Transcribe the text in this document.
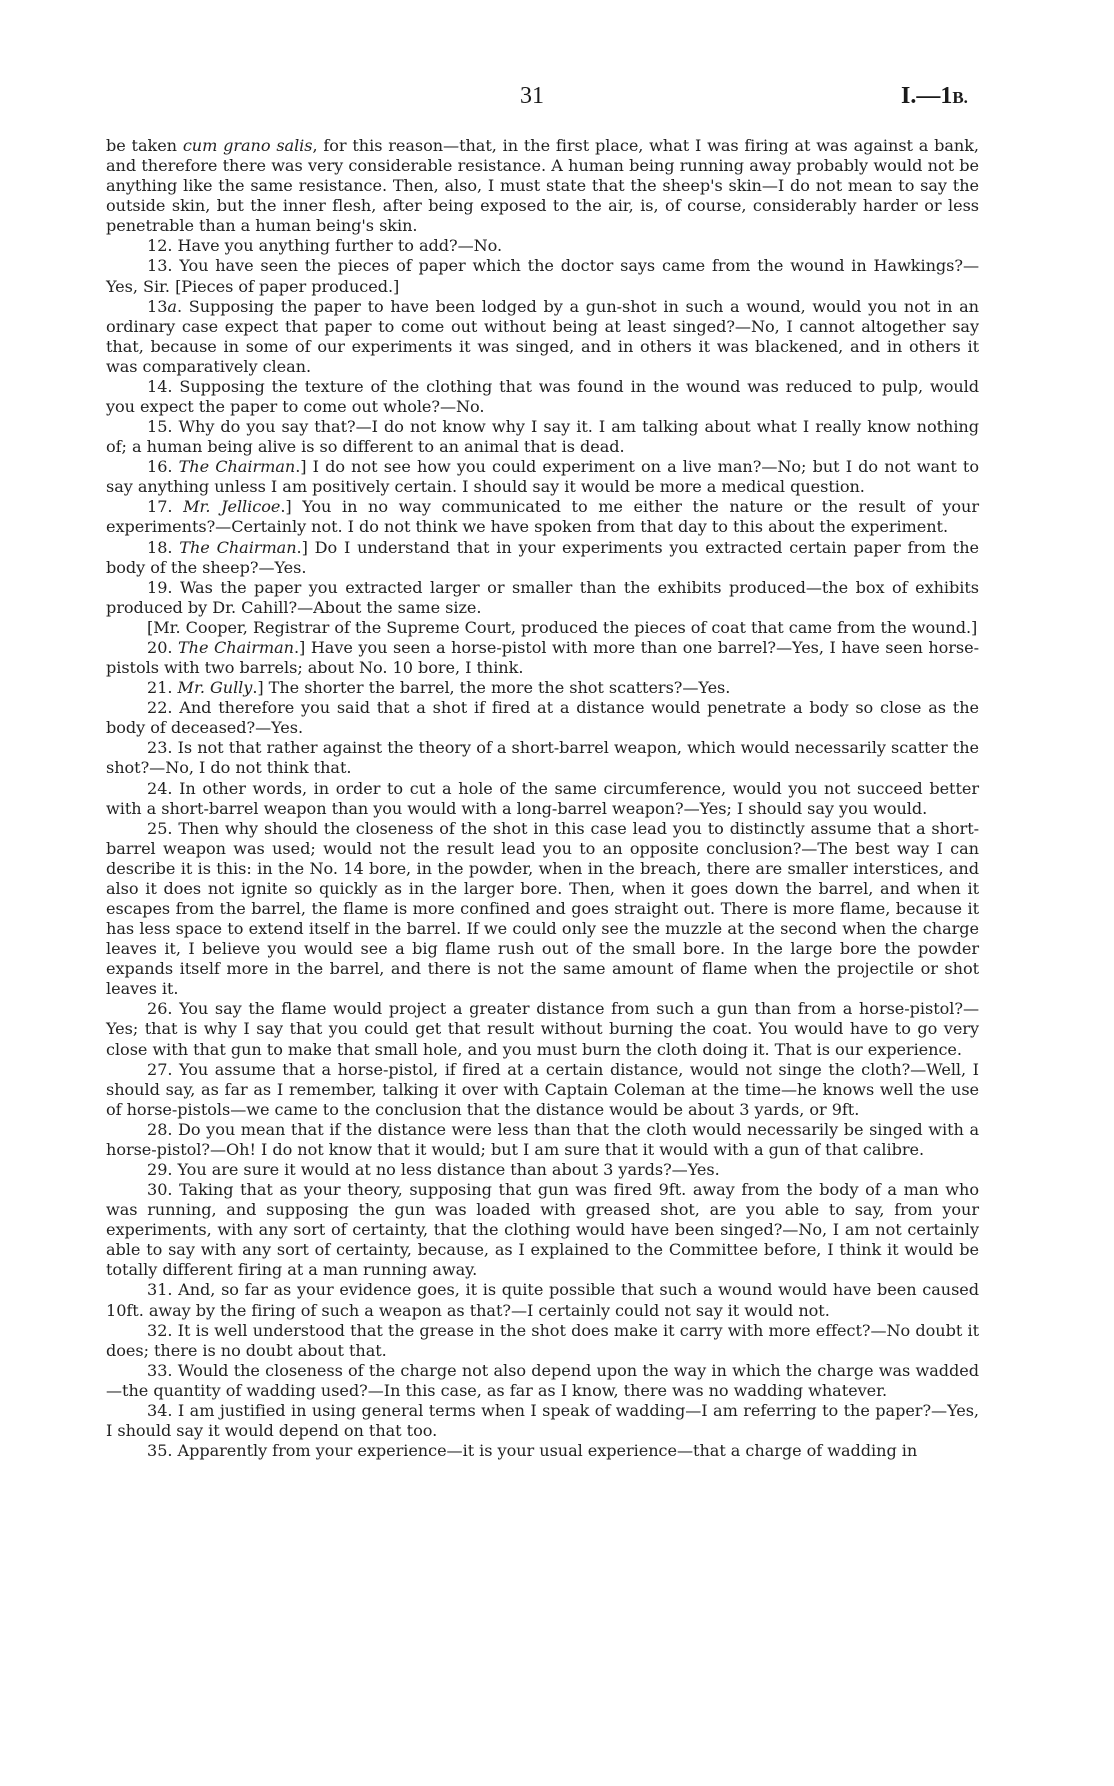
31	I.—1B.

be taken cum grano salis, for this reason—that, in the first place, what I was firing at was against a bank, and therefore there was very considerable resistance. A human being running away probably would not be anything like the same resistance. Then, also, I must state that the sheep's skin—I do not mean to say the outside skin, but the inner flesh, after being exposed to the air, is, of course, considerably harder or less penetrable than a human being's skin.

12. Have you anything further to add?—No.

13. You have seen the pieces of paper which the doctor says came from the wound in Hawkings?—Yes, Sir. [Pieces of paper produced.]

13a. Supposing the paper to have been lodged by a gun-shot in such a wound, would you not in an ordinary case expect that paper to come out without being at least singed?—No, I cannot altogether say that, because in some of our experiments it was singed, and in others it was blackened, and in others it was comparatively clean.

14. Supposing the texture of the clothing that was found in the wound was reduced to pulp, would you expect the paper to come out whole?—No.

15. Why do you say that?—I do not know why I say it. I am talking about what I really know nothing of; a human being alive is so different to an animal that is dead.

16. The Chairman.] I do not see how you could experiment on a live man?—No; but I do not want to say anything unless I am positively certain. I should say it would be more a medical question.

17. Mr. Jellicoe.] You in no way communicated to me either the nature or the result of your experiments?—Certainly not. I do not think we have spoken from that day to this about the experiment.

18. The Chairman.] Do I understand that in your experiments you extracted certain paper from the body of the sheep?—Yes.

19. Was the paper you extracted larger or smaller than the exhibits produced—the box of exhibits produced by Dr. Cahill?—About the same size.

[Mr. Cooper, Registrar of the Supreme Court, produced the pieces of coat that came from the wound.]

20. The Chairman.] Have you seen a horse-pistol with more than one barrel?—Yes, I have seen horse-pistols with two barrels; about No. 10 bore, I think.

21. Mr. Gully.] The shorter the barrel, the more the shot scatters?—Yes.

22. And therefore you said that a shot if fired at a distance would penetrate a body so close as the body of deceased?—Yes.

23. Is not that rather against the theory of a short-barrel weapon, which would necessarily scatter the shot?—No, I do not think that.

24. In other words, in order to cut a hole of the same circumference, would you not succeed better with a short-barrel weapon than you would with a long-barrel weapon?—Yes; I should say you would.

25. Then why should the closeness of the shot in this case lead you to distinctly assume that a short-barrel weapon was used; would not the result lead you to an opposite conclusion?—The best way I can describe it is this: in the No. 14 bore, in the powder, when in the breach, there are smaller interstices, and also it does not ignite so quickly as in the larger bore. Then, when it goes down the barrel, and when it escapes from the barrel, the flame is more confined and goes straight out. There is more flame, because it has less space to extend itself in the barrel. If we could only see the muzzle at the second when the charge leaves it, I believe you would see a big flame rush out of the small bore. In the large bore the powder expands itself more in the barrel, and there is not the same amount of flame when the projectile or shot leaves it.

26. You say the flame would project a greater distance from such a gun than from a horse-pistol?—Yes; that is why I say that you could get that result without burning the coat. You would have to go very close with that gun to make that small hole, and you must burn the cloth doing it. That is our experience.

27. You assume that a horse-pistol, if fired at a certain distance, would not singe the cloth?—Well, I should say, as far as I remember, talking it over with Captain Coleman at the time—he knows well the use of horse-pistols—we came to the conclusion that the distance would be about 3 yards, or 9ft.

28. Do you mean that if the distance were less than that the cloth would necessarily be singed with a horse-pistol?—Oh! I do not know that it would; but I am sure that it would with a gun of that calibre.

29. You are sure it would at no less distance than about 3 yards?—Yes.

30. Taking that as your theory, supposing that gun was fired 9ft. away from the body of a man who was running, and supposing the gun was loaded with greased shot, are you able to say, from your experiments, with any sort of certainty, that the clothing would have been singed?—No, I am not certainly able to say with any sort of certainty, because, as I explained to the Committee before, I think it would be totally different firing at a man running away.

31. And, so far as your evidence goes, it is quite possible that such a wound would have been caused 10ft. away by the firing of such a weapon as that?—I certainly could not say it would not.

32. It is well understood that the grease in the shot does make it carry with more effect?—No doubt it does; there is no doubt about that.

33. Would the closeness of the charge not also depend upon the way in which the charge was wadded—the quantity of wadding used?—In this case, as far as I know, there was no wadding whatever.

34. I am justified in using general terms when I speak of wadding—I am referring to the paper?—Yes, I should say it would depend on that too.

35. Apparently from your experience—it is your usual experience—that a charge of wadding in
